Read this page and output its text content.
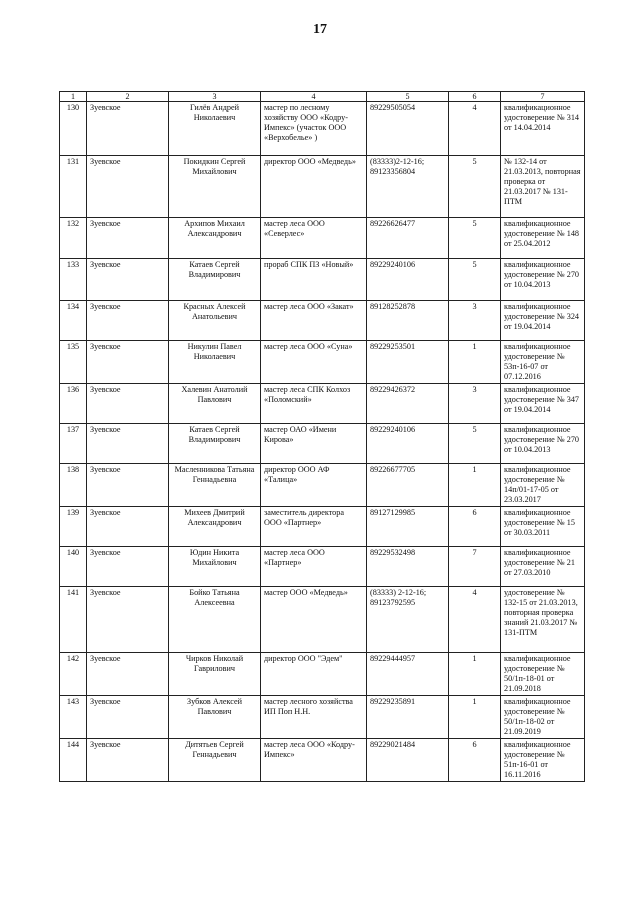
17
1	2	3	4	5	6	7
130	Зуевское	Гилёв Андрей Николаевич	мастер по лесному хозяйству ООО «Кодру-Импекс» (участок ООО «Верхобелье» )	89229505054	4	квалификационное удостоверение № 314 от 14.04.2014
131	Зуевское	Покидкин Сергей Михайлович	директор ООО «Медведь»	(83333)2-12-16; 89123356804	5	№ 132-14 от 21.03.2013, повторная проверка от 21.03.2017 № 131-ПТМ
132	Зуевское	Архипов Михаил Александрович	мастер леса ООО «Северлес»	89226626477	5	квалификационное удостоверение № 148 от 25.04.2012
133	Зуевское	Катаев Сергей Владимирович	прораб СПК ПЗ «Новый»	89229240106	5	квалификационное удостоверение № 270 от 10.04.2013
134	Зуевское	Красных Алексей Анатольевич	мастер леса ООО «Закат»	89128252878	3	квалификационное удостоверение № 324 от 19.04.2014
135	Зуевское	Никулин Павел Николаевич	мастер леса ООО «Суна»	89229253501	1	квалификационное удостоверение № 53п-16-07 от 07.12.2016
136	Зуевское	Халевин Анатолий Павлович	мастер леса СПК Колхоз «Поломский»	89229426372	3	квалификационное удостоверение № 347 от 19.04.2014
137	Зуевское	Катаев Сергей Владимирович	мастер ОАО «Имени Кирова»	89229240106	5	квалификационное удостоверение № 270 от 10.04.2013
138	Зуевское	Масленникова Татьяна Геннадьевна	директор ООО АФ «Талица»	89226677705	1	квалификационное удостоверение № 14п/01-17-05 от 23.03.2017
139	Зуевское	Михеев Дмитрий Александрович	заместитель директора ООО «Партнер»	89127129985	6	квалификационное удостоверение № 15 от 30.03.2011
140	Зуевское	Юдин Никита Михайлович	мастер леса ООО «Партнер»	89229532498	7	квалификационное удостоверение № 21 от 27.03.2010
141	Зуевское	Бойко Татьяна Алексеевна	мастер ООО «Медведь»	(83333) 2-12-16; 89123792595	4	удостоверение № 132-15 от 21.03.2013, повторная проверка знаний 21.03.2017 № 131-ПТМ
142	Зуевское	Чирков Николай Гаврилович	директор ООО "Эдем"	89229444957	1	квалификационное удостоверение № 50/1п-18-01 от 21.09.2018
143	Зуевское	Зубков Алексей Павлович	мастер лесного хозяйства ИП Поп Н.Н.	89229235891	1	квалификационное удостоверение № 50/1п-18-02 от 21.09.2019
144	Зуевское	Дитятьев Сергей Геннадьевич	мастер леса ООО «Кодру-Импекс»	89229021484	6	квалификационное удостоверение № 51п-16-01 от 16.11.2016
